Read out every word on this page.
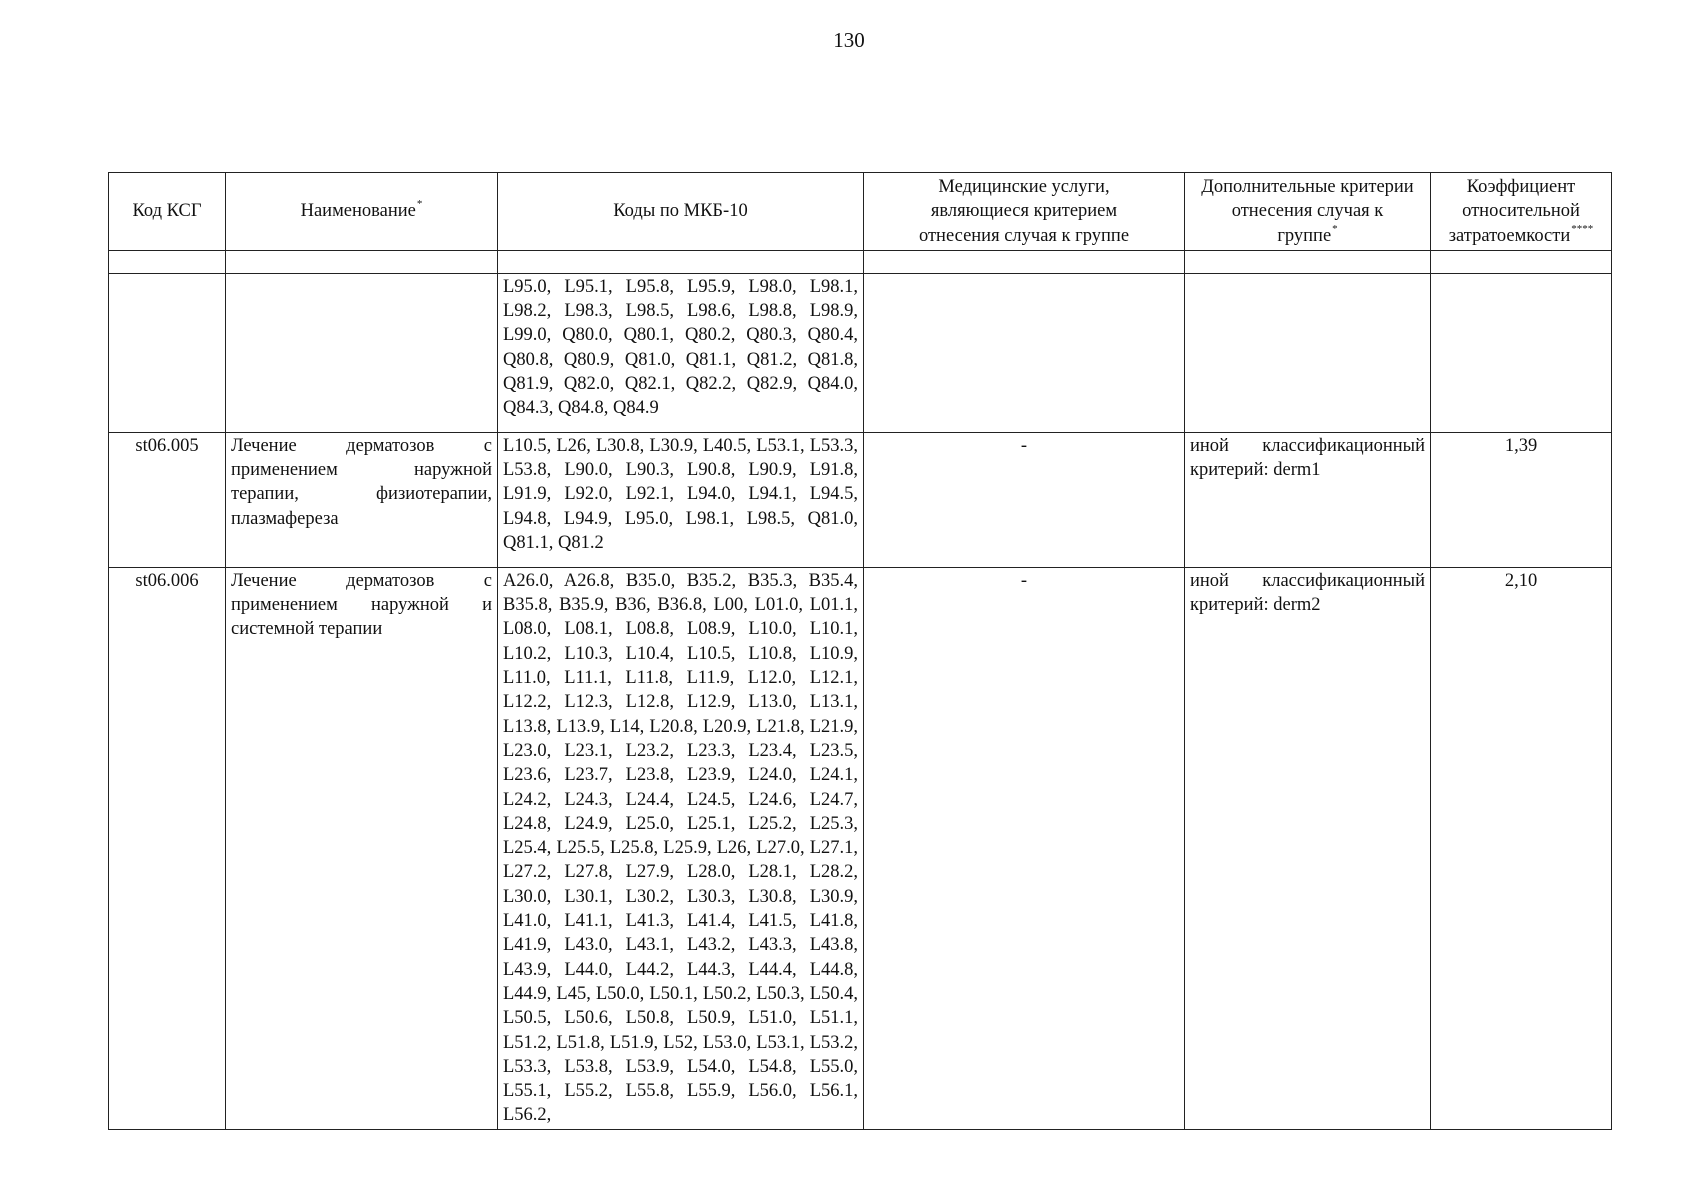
130
Код КСГ	Наименование*	Коды по МКБ-10	Медицинские услуги,
являющиеся критерием
отнесения случая к группе	Дополнительные критерии
отнесения случая к
группе*	Коэффициент
относительной
затратоемкости****

		L95.0, L95.1, L95.8, L95.9, L98.0, L98.1, L98.2, L98.3, L98.5, L98.6, L98.8, L98.9, L99.0, Q80.0, Q80.1, Q80.2, Q80.3, Q80.4, Q80.8, Q80.9, Q81.0, Q81.1, Q81.2, Q81.8, Q81.9, Q82.0, Q82.1, Q82.2, Q82.9, Q84.0, Q84.3, Q84.8, Q84.9			
st06.005	Лечение дерматозов с применением наружной терапии, физиотерапии, плазмафереза	L10.5, L26, L30.8, L30.9, L40.5, L53.1, L53.3, L53.8, L90.0, L90.3, L90.8, L90.9, L91.8, L91.9, L92.0, L92.1, L94.0, L94.1, L94.5, L94.8, L94.9, L95.0, L98.1, L98.5, Q81.0, Q81.1, Q81.2	-	иной классификационный критерий: derm1	1,39
st06.006	Лечение дерматозов с применением наружной и системной терапии	A26.0, A26.8, B35.0, B35.2, B35.3, B35.4, B35.8, B35.9, B36, B36.8, L00, L01.0, L01.1, L08.0, L08.1, L08.8, L08.9, L10.0, L10.1, L10.2, L10.3, L10.4, L10.5, L10.8, L10.9, L11.0, L11.1, L11.8, L11.9, L12.0, L12.1, L12.2, L12.3, L12.8, L12.9, L13.0, L13.1, L13.8, L13.9, L14, L20.8, L20.9, L21.8, L21.9, L23.0, L23.1, L23.2, L23.3, L23.4, L23.5, L23.6, L23.7, L23.8, L23.9, L24.0, L24.1, L24.2, L24.3, L24.4, L24.5, L24.6, L24.7, L24.8, L24.9, L25.0, L25.1, L25.2, L25.3, L25.4, L25.5, L25.8, L25.9, L26, L27.0, L27.1, L27.2, L27.8, L27.9, L28.0, L28.1, L28.2, L30.0, L30.1, L30.2, L30.3, L30.8, L30.9, L41.0, L41.1, L41.3, L41.4, L41.5, L41.8, L41.9, L43.0, L43.1, L43.2, L43.3, L43.8, L43.9, L44.0, L44.2, L44.3, L44.4, L44.8, L44.9, L45, L50.0, L50.1, L50.2, L50.3, L50.4, L50.5, L50.6, L50.8, L50.9, L51.0, L51.1, L51.2, L51.8, L51.9, L52, L53.0, L53.1, L53.2, L53.3, L53.8, L53.9, L54.0, L54.8, L55.0, L55.1, L55.2, L55.8, L55.9, L56.0, L56.1, L56.2,	-	иной классификационный критерий: derm2	2,10
